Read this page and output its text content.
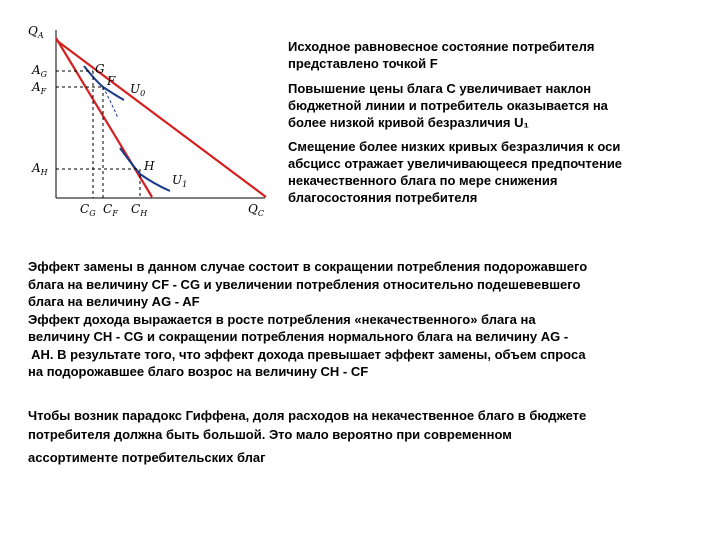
$Q_A$
$Q_C$
$A_G$
$A_F$
$A_H$
$C_G$ $C_F$ $C_H$
G
F
H
$U_0$
$U_1$

Исходное равновесное состояние потребителя
представлено точкой F

Повышение цены блага С увеличивает наклон
бюджетной линии и потребитель оказывается на
более низкой кривой безразличия U₁

Смещение более низких кривых безразличия к оси
абсцисс отражает увеличивающееся предпочтение
некачественного блага по мере снижения
благосостояния потребителя

Эффект замены в данном случае состоит в сокращении потребления подорожавшего
блага на величину CF - CG и увеличении потребления относительно подешевевшего
блага на величину AG - AF
Эффект дохода выражается в росте потребления «некачественного» блага на
величину CH - CG и сокращении потребления нормального блага на величину AG -
AH. В результате того, что эффект дохода превышает эффект замены, объем спроса
на подорожавшее благо возрос на величину CH - CF

Чтобы возник парадокс Гиффена, доля расходов на некачественное благо в бюджете
потребителя должна быть большой. Это мало вероятно при современном
ассортименте потребительских благ
